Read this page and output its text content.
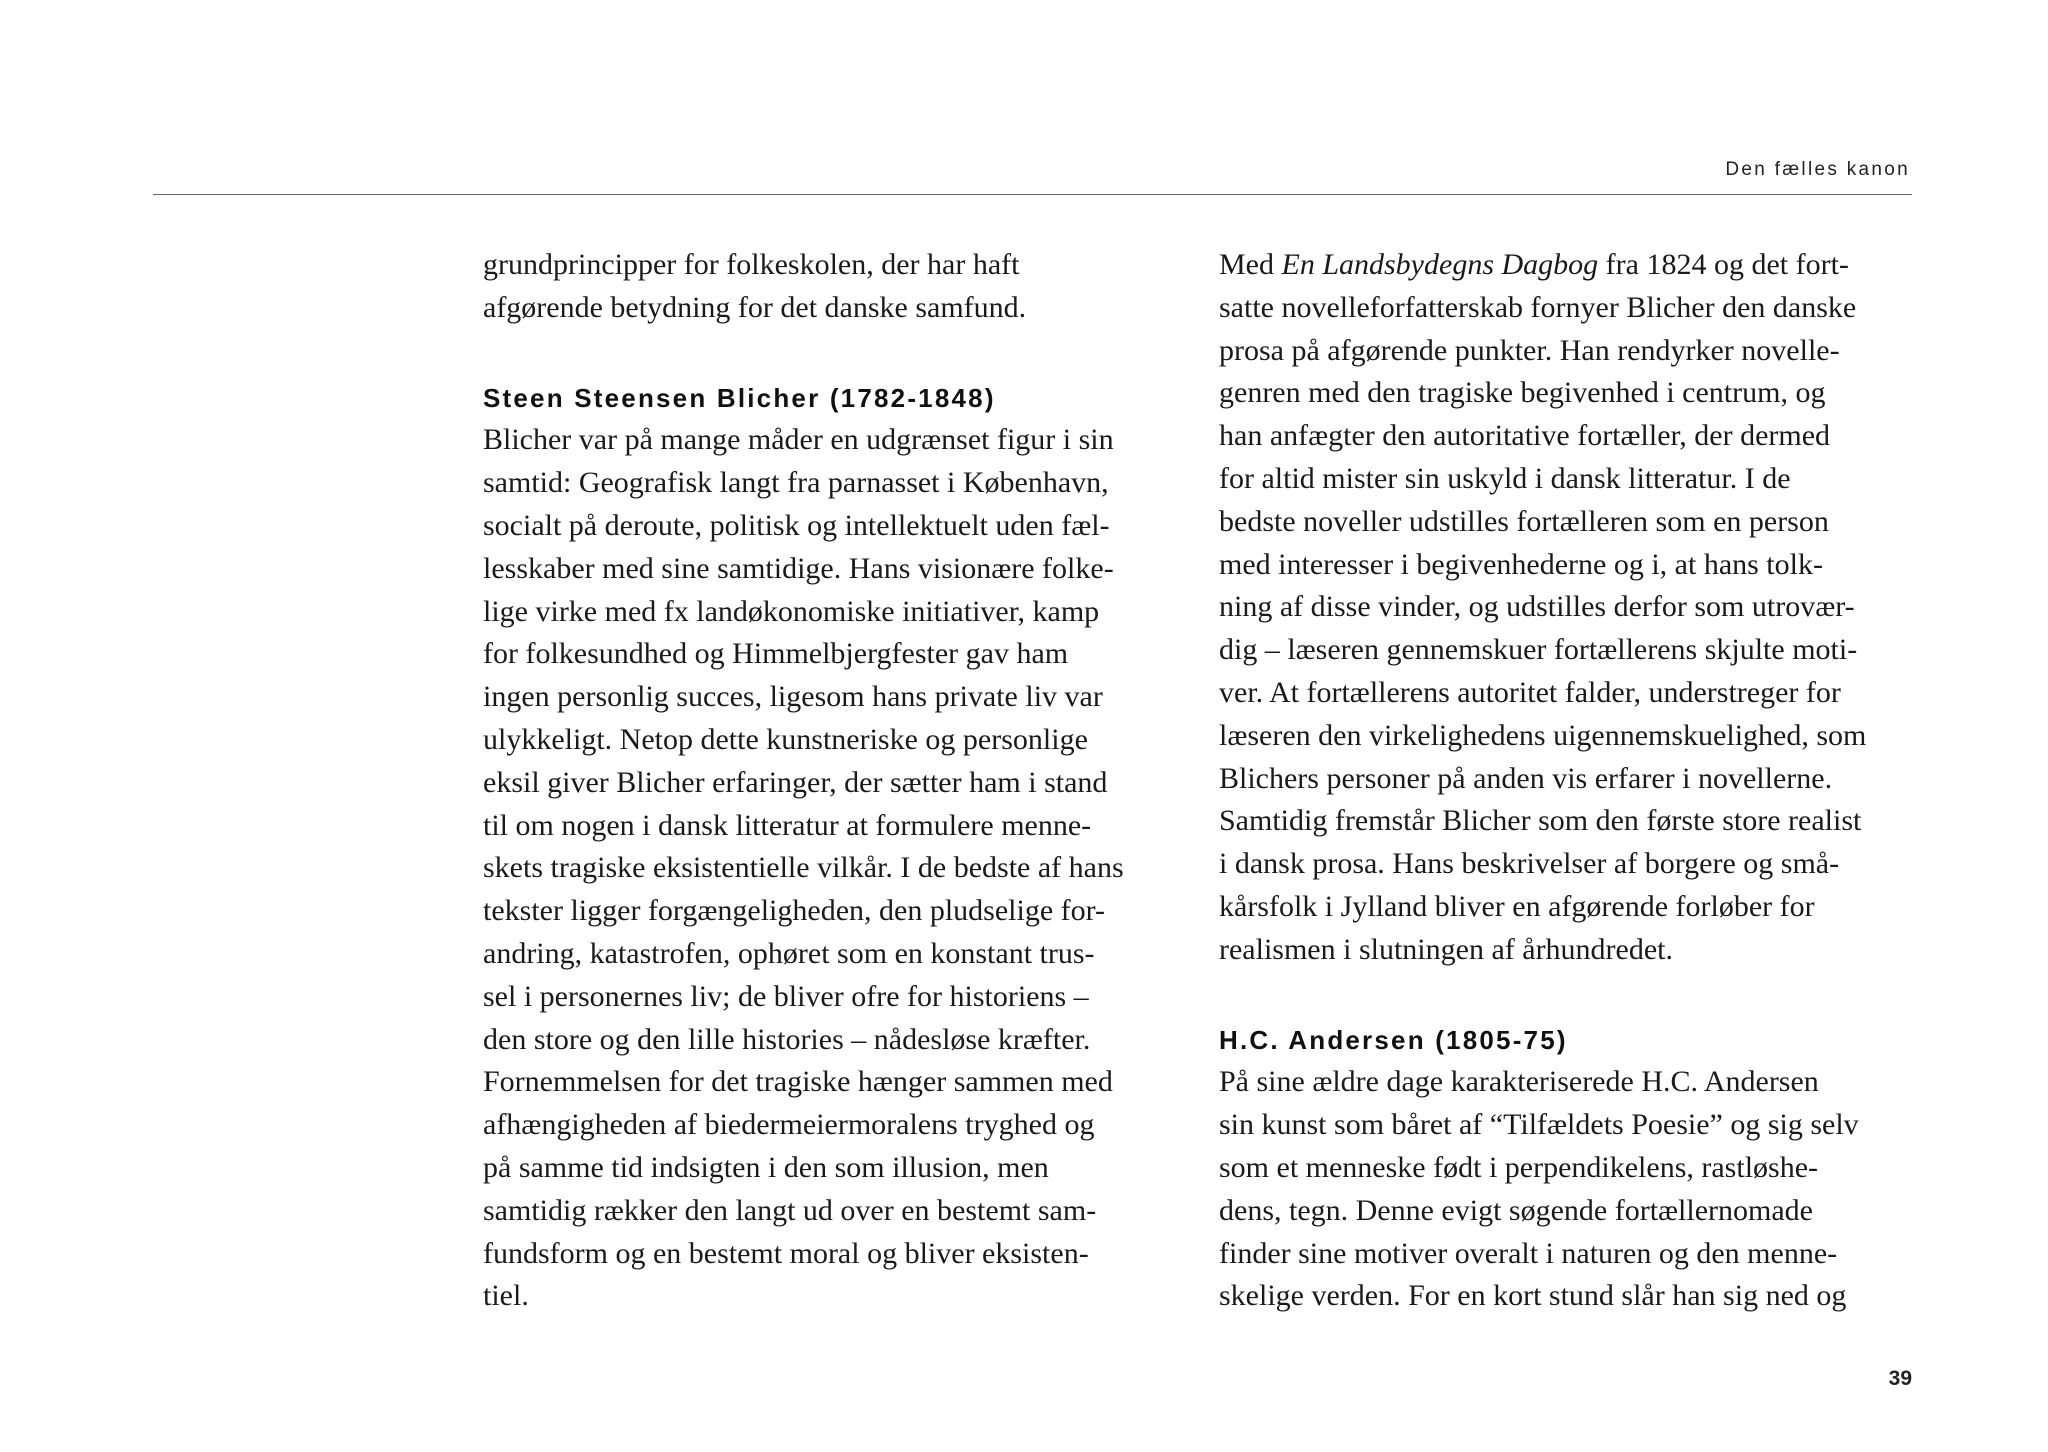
Den fælles kanon
grundprincipper for folkeskolen, der har haft
afgørende betydning for det danske samfund.
Steen Steensen Blicher (1782-1848)
Blicher var på mange måder en udgrænset figur i sin
samtid: Geografisk langt fra parnasset i København,
socialt på deroute, politisk og intellektuelt uden fæl-
lesskaber med sine samtidige. Hans visionære folke-
lige virke med fx landøkonomiske initiativer, kamp
for folkesundhed og Himmelbjergfester gav ham
ingen personlig succes, ligesom hans private liv var
ulykkeligt. Netop dette kunstneriske og personlige
eksil giver Blicher erfaringer, der sætter ham i stand
til om nogen i dansk litteratur at formulere menne-
skets tragiske eksistentielle vilkår. I de bedste af hans
tekster ligger forgængeligheden, den pludselige for-
andring, katastrofen, ophøret som en konstant trus-
sel i personernes liv; de bliver ofre for historiens –
den store og den lille histories – nådesløse kræfter.
Fornemmelsen for det tragiske hænger sammen med
afhængigheden af biedermeiermoralens tryghed og
på samme tid indsigten i den som illusion, men
samtidig rækker den langt ud over en bestemt sam-
fundsform og en bestemt moral og bliver eksisten-
tiel.
Med En Landsbydegns Dagbog fra 1824 og det fort-
satte novelleforfatterskab fornyer Blicher den danske
prosa på afgørende punkter. Han rendyrker novelle-
genren med den tragiske begivenhed i centrum, og
han anfægter den autoritative fortæller, der dermed
for altid mister sin uskyld i dansk litteratur. I de
bedste noveller udstilles fortælleren som en person
med interesser i begivenhederne og i, at hans tolk-
ning af disse vinder, og udstilles derfor som utrovær-
dig – læseren gennemskuer fortællerens skjulte moti-
ver. At fortællerens autoritet falder, understreger for
læseren den virkelighedens uigennemskuelighed, som
Blichers personer på anden vis erfarer i novellerne.
Samtidig fremstår Blicher som den første store realist
i dansk prosa. Hans beskrivelser af borgere og små-
kårsfolk i Jylland bliver en afgørende forløber for
realismen i slutningen af århundredet.
H.C. Andersen (1805-75)
På sine ældre dage karakteriserede H.C. Andersen
sin kunst som båret af “Tilfældets Poesie” og sig selv
som et menneske født i perpendikelens, rastløshe-
dens, tegn. Denne evigt søgende fortællernomade
finder sine motiver overalt i naturen og den menne-
skelige verden. For en kort stund slår han sig ned og
39
